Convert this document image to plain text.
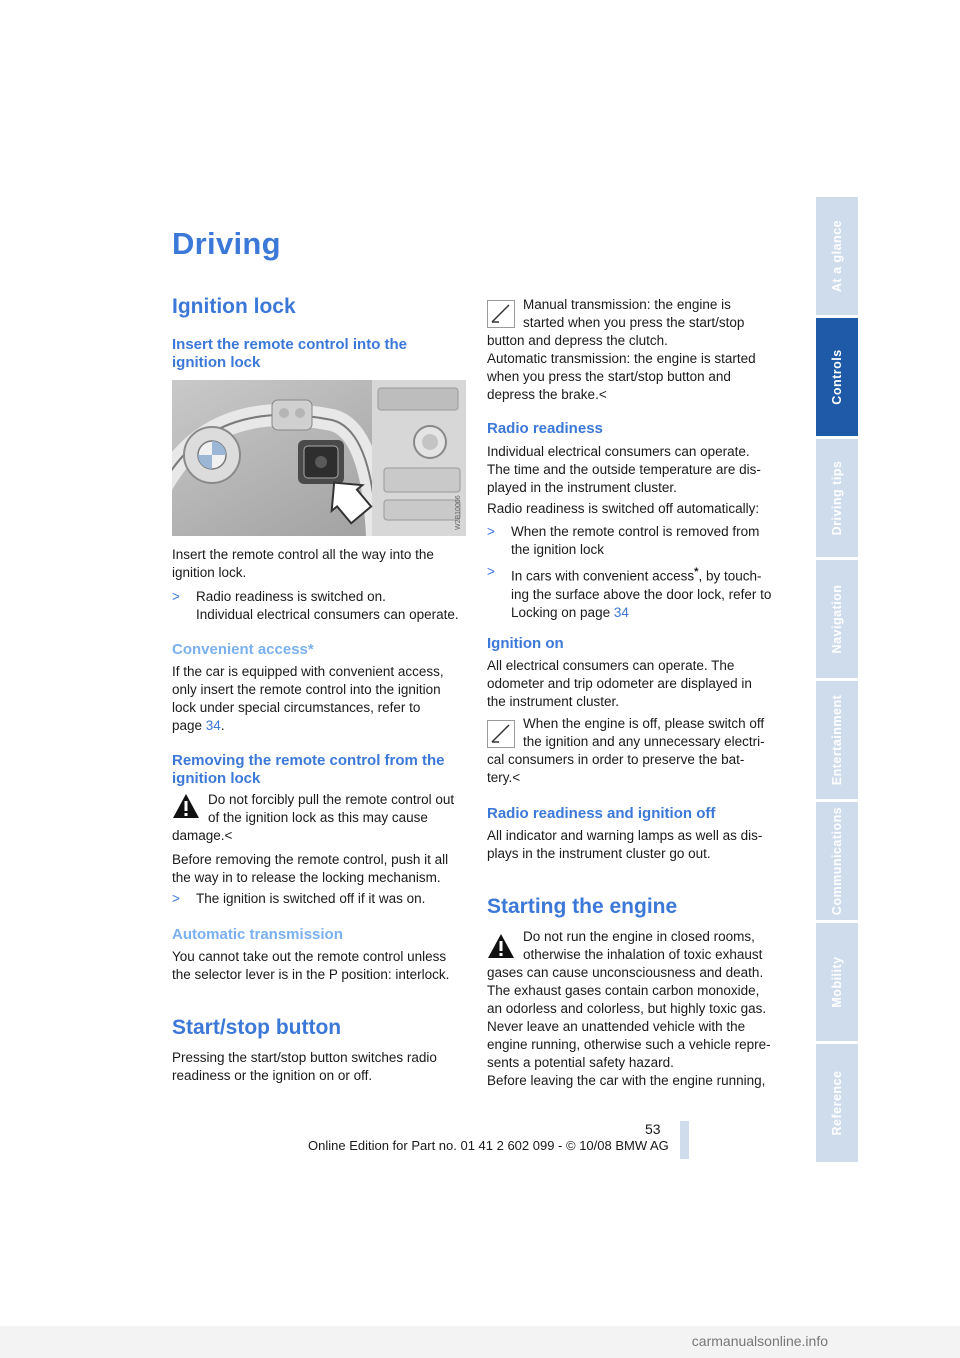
Driving
Ignition lock
Insert the remote control into the
ignition lock
W2B10066
Insert the remote control all the way into the
ignition lock.
> Radio readiness is switched on.
Individual electrical consumers can operate.
Convenient access*
If the car is equipped with convenient access,
only insert the remote control into the ignition
lock under special circumstances, refer to
page 34.
Removing the remote control from the
ignition lock
Do not forcibly pull the remote control out
of the ignition lock as this may cause
damage.<
Before removing the remote control, push it all
the way in to release the locking mechanism.
> The ignition is switched off if it was on.
Automatic transmission
You cannot take out the remote control unless
the selector lever is in the P position: interlock.
Start/stop button
Pressing the start/stop button switches radio
readiness or the ignition on or off.
Manual transmission: the engine is
started when you press the start/stop
button and depress the clutch.
Automatic transmission: the engine is started
when you press the start/stop button and
depress the brake.<
Radio readiness
Individual electrical consumers can operate.
The time and the outside temperature are dis-
played in the instrument cluster.
Radio readiness is switched off automatically:
> When the remote control is removed from
the ignition lock
> In cars with convenient access*, by touch-
ing the surface above the door lock, refer to
Locking on page 34
Ignition on
All electrical consumers can operate. The
odometer and trip odometer are displayed in
the instrument cluster.
When the engine is off, please switch off
the ignition and any unnecessary electri-
cal consumers in order to preserve the bat-
tery.<
Radio readiness and ignition off
All indicator and warning lamps as well as dis-
plays in the instrument cluster go out.
Starting the engine
Do not run the engine in closed rooms,
otherwise the inhalation of toxic exhaust
gases can cause unconsciousness and death.
The exhaust gases contain carbon monoxide,
an odorless and colorless, but highly toxic gas.
Never leave an unattended vehicle with the
engine running, otherwise such a vehicle repre-
sents a potential safety hazard.
Before leaving the car with the engine running,
At a glance
Controls
Driving tips
Navigation
Entertainment
Communications
Mobility
Reference
53
Online Edition for Part no. 01 41 2 602 099 - © 10/08 BMW AG
carmanualsonline.info
